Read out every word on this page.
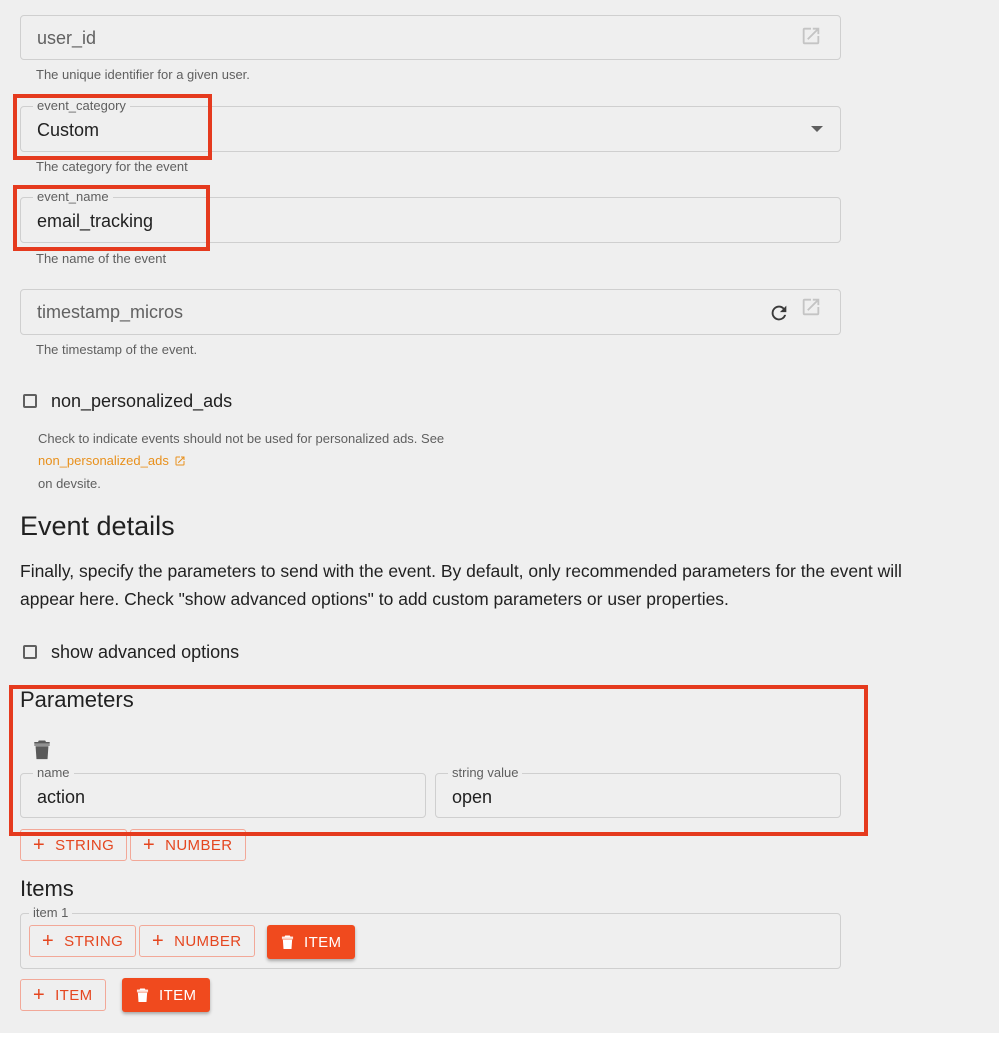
user_id
The unique identifier for a given user.
event_category
Custom
The category for the event
event_name
email_tracking
The name of the event
timestamp_micros
The timestamp of the event.
non_personalized_ads
Check to indicate events should not be used for personalized ads. See
non_personalized_ads
on devsite.
Event details
Finally, specify the parameters to send with the event. By default, only recommended parameters for the event will
appear here. Check "show advanced options" to add custom parameters or user properties.
show advanced options
Parameters
name
action
string value
open
+ STRING + NUMBER
Items
item 1
+ STRING + NUMBER	ITEM
+ ITEM	ITEM
